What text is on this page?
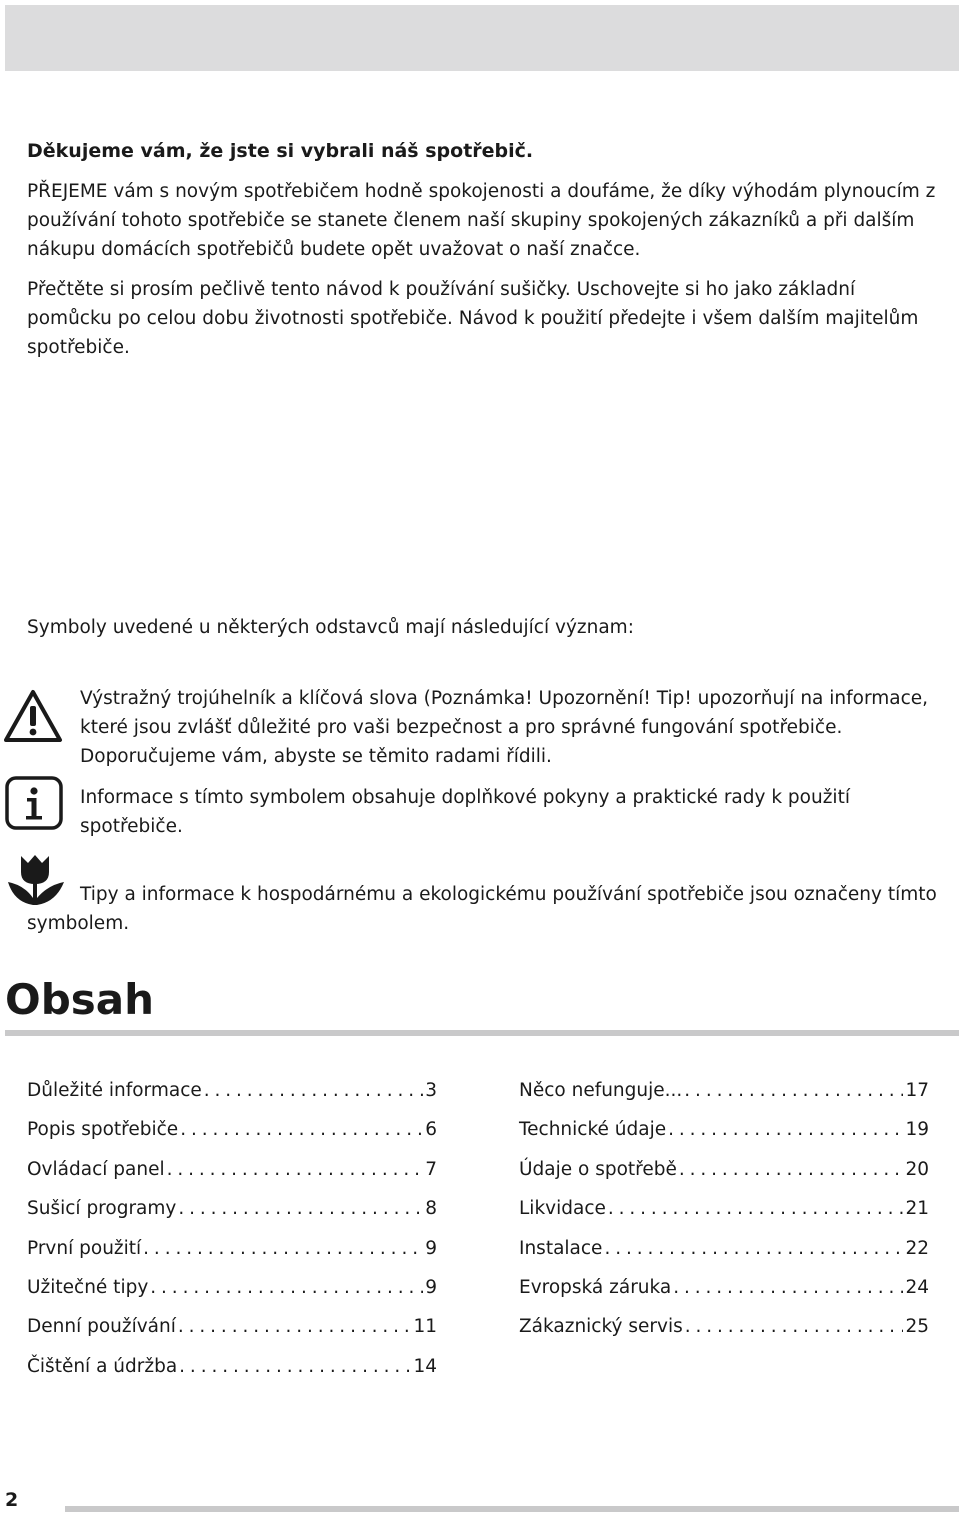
Děkujeme vám, že jste si vybrali náš spotřebič.
PŘEJEME vám s novým spotřebičem hodně spokojenosti a doufáme, že díky výhodám plynoucím z používání tohoto spotřebiče se stanete členem naší skupiny spokojených zákazníků a při dalším nákupu domácích spotřebičů budete opět uvažovat o naší značce.
Přečtěte si prosím pečlivě tento návod k používání sušičky. Uschovejte si ho jako základní pomůcku po celou dobu životnosti spotřebiče. Návod k použití předejte i všem dalším majitelům spotřebiče.
Symboly uvedené u některých odstavců mají následující význam:
Výstražný trojúhelník a klíčová slova (Poznámka! Upozornění! Tip! upozorňují na informace, které jsou zvlášť důležité pro vaši bezpečnost a pro správné fungování spotřebiče. Doporučujeme vám, abyste se těmito radami řídili.
Informace s tímto symbolem obsahuje doplňkové pokyny a praktické rady k použití spotřebiče.
Tipy a informace k hospodárnému a ekologickému používání spotřebiče jsou označeny tímto symbolem.
Obsah
Důležité informace . . .	3
Popis spotřebiče . . .	6
Ovládací panel . . .	7
Sušicí programy . . .	8
První použití . . .	9
Užitečné tipy . . .	9
Denní používání . . .	11
Čištění a údržba . . .	14
Něco nefunguje... . . .	17
Technické údaje . . .	19
Údaje o spotřebě . . .	20
Likvidace . . .	21
Instalace . . .	22
Evropská záruka . . .	24
Zákaznický servis . . .	25
2
